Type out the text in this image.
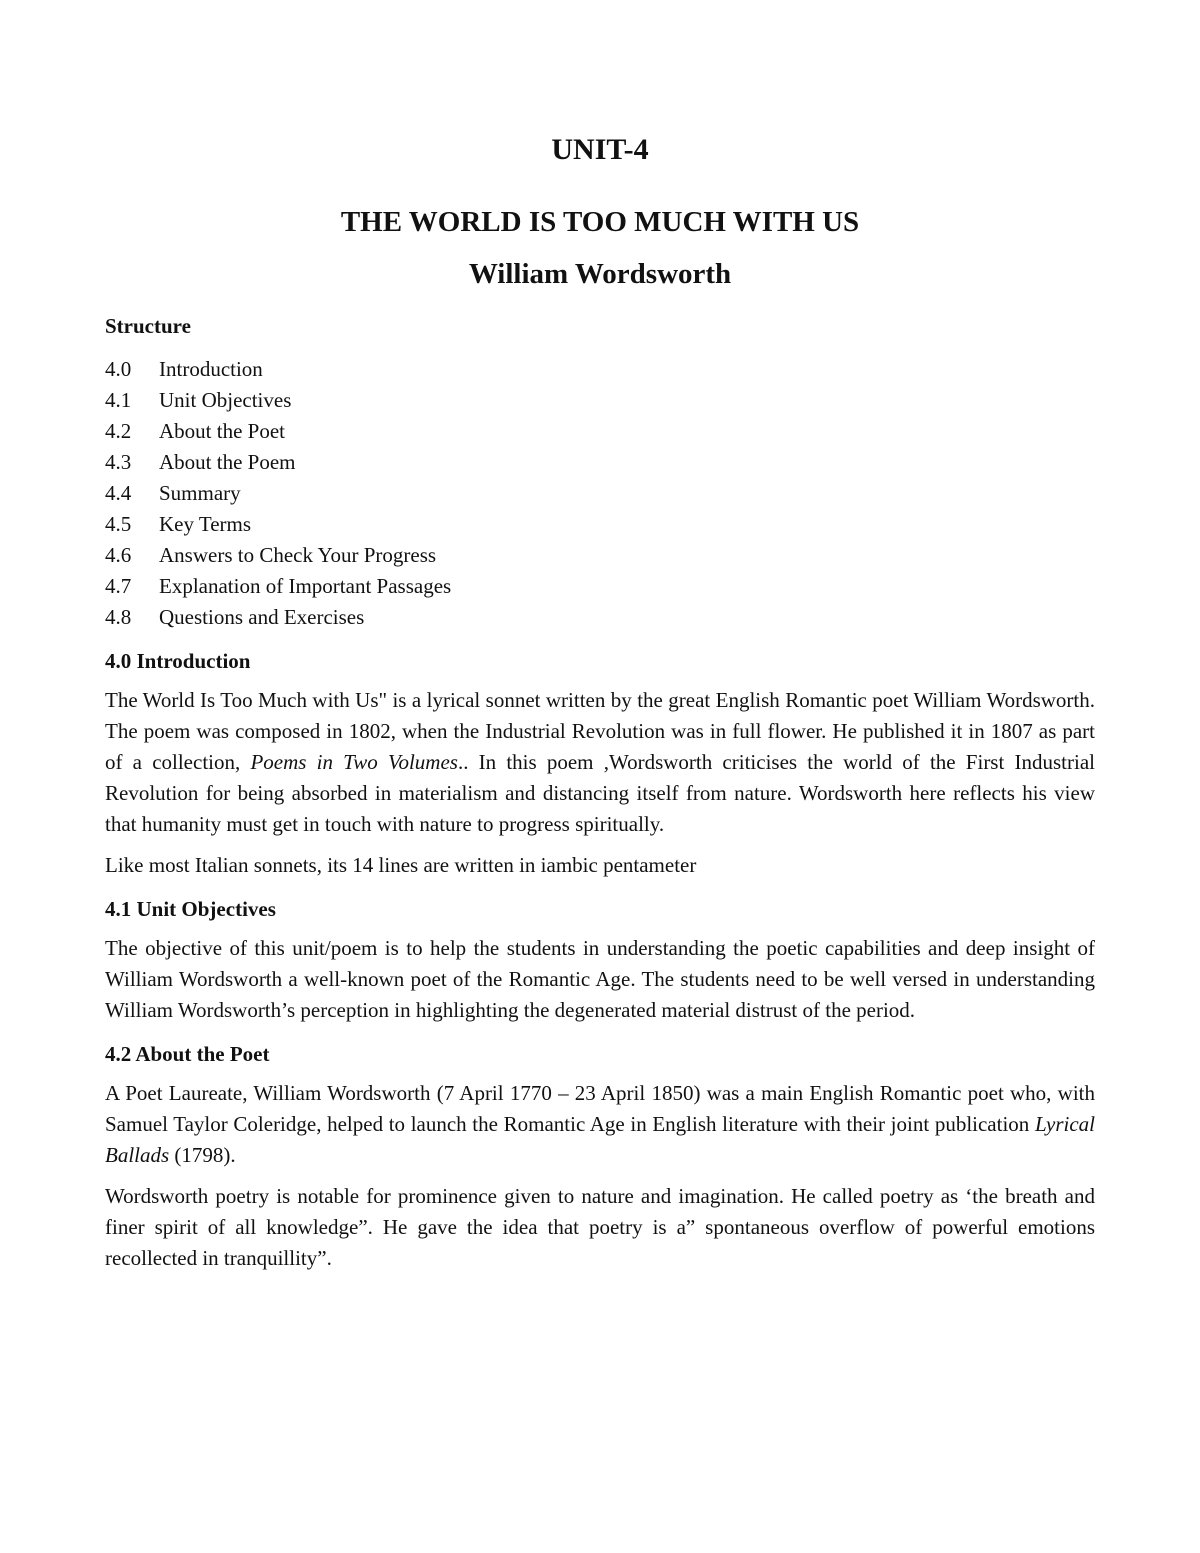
UNIT-4
THE WORLD IS TOO MUCH WITH US
William Wordsworth
Structure
4.0	Introduction
4.1	Unit Objectives
4.2	About the Poet
4.3	About the Poem
4.4	Summary
4.5	Key Terms
4.6	Answers to Check Your Progress
4.7	Explanation of Important Passages
4.8	Questions and Exercises
4.0 Introduction

The World Is Too Much with Us" is a lyrical sonnet written by the great English Romantic poet William Wordsworth. The poem was composed in 1802, when the Industrial Revolution was in full flower. He published it in 1807 as part of a collection, Poems in Two Volumes.. In this poem ,Wordsworth criticises the world of the First Industrial Revolution for being absorbed in materialism and distancing itself from nature. Wordsworth here reflects his view that humanity must get in touch with nature to progress spiritually.

Like most Italian sonnets, its 14 lines are written in iambic pentameter

4.1 Unit Objectives

The objective of this unit/poem is to help the students in understanding the poetic capabilities and deep insight of William Wordsworth a well-known poet of the Romantic Age. The students need to be well versed in understanding William Wordsworth’s perception in highlighting the degenerated material distrust of the period.

4.2 About the Poet

A Poet Laureate, William Wordsworth (7 April 1770 – 23 April 1850) was a main English Romantic poet who, with Samuel Taylor Coleridge, helped to launch the Romantic Age in English literature with their joint publication Lyrical Ballads (1798).

Wordsworth poetry is notable for prominence given to nature and imagination. He called poetry as ‘the breath and finer spirit of all knowledge”. He gave the idea that poetry is a” spontaneous overflow of powerful emotions recollected in tranquillity”.
